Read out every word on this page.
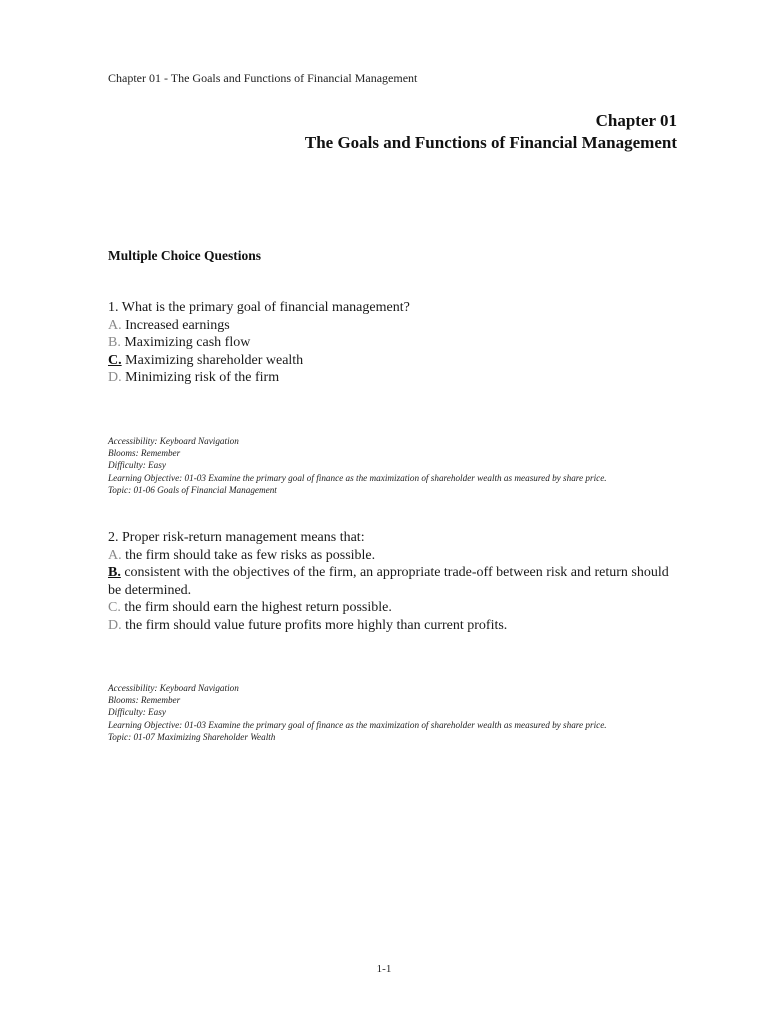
Chapter 01 - The Goals and Functions of Financial Management
Chapter 01
The Goals and Functions of Financial Management
Multiple Choice Questions
1. What is the primary goal of financial management?
A. Increased earnings
B. Maximizing cash flow
C. Maximizing shareholder wealth
D. Minimizing risk of the firm
Accessibility: Keyboard Navigation
Blooms: Remember
Difficulty: Easy
Learning Objective: 01-03 Examine the primary goal of finance as the maximization of shareholder wealth as measured by share price.
Topic: 01-06 Goals of Financial Management
2. Proper risk-return management means that:
A. the firm should take as few risks as possible.
B. consistent with the objectives of the firm, an appropriate trade-off between risk and return should be determined.
C. the firm should earn the highest return possible.
D. the firm should value future profits more highly than current profits.
Accessibility: Keyboard Navigation
Blooms: Remember
Difficulty: Easy
Learning Objective: 01-03 Examine the primary goal of finance as the maximization of shareholder wealth as measured by share price.
Topic: 01-07 Maximizing Shareholder Wealth
1-1
